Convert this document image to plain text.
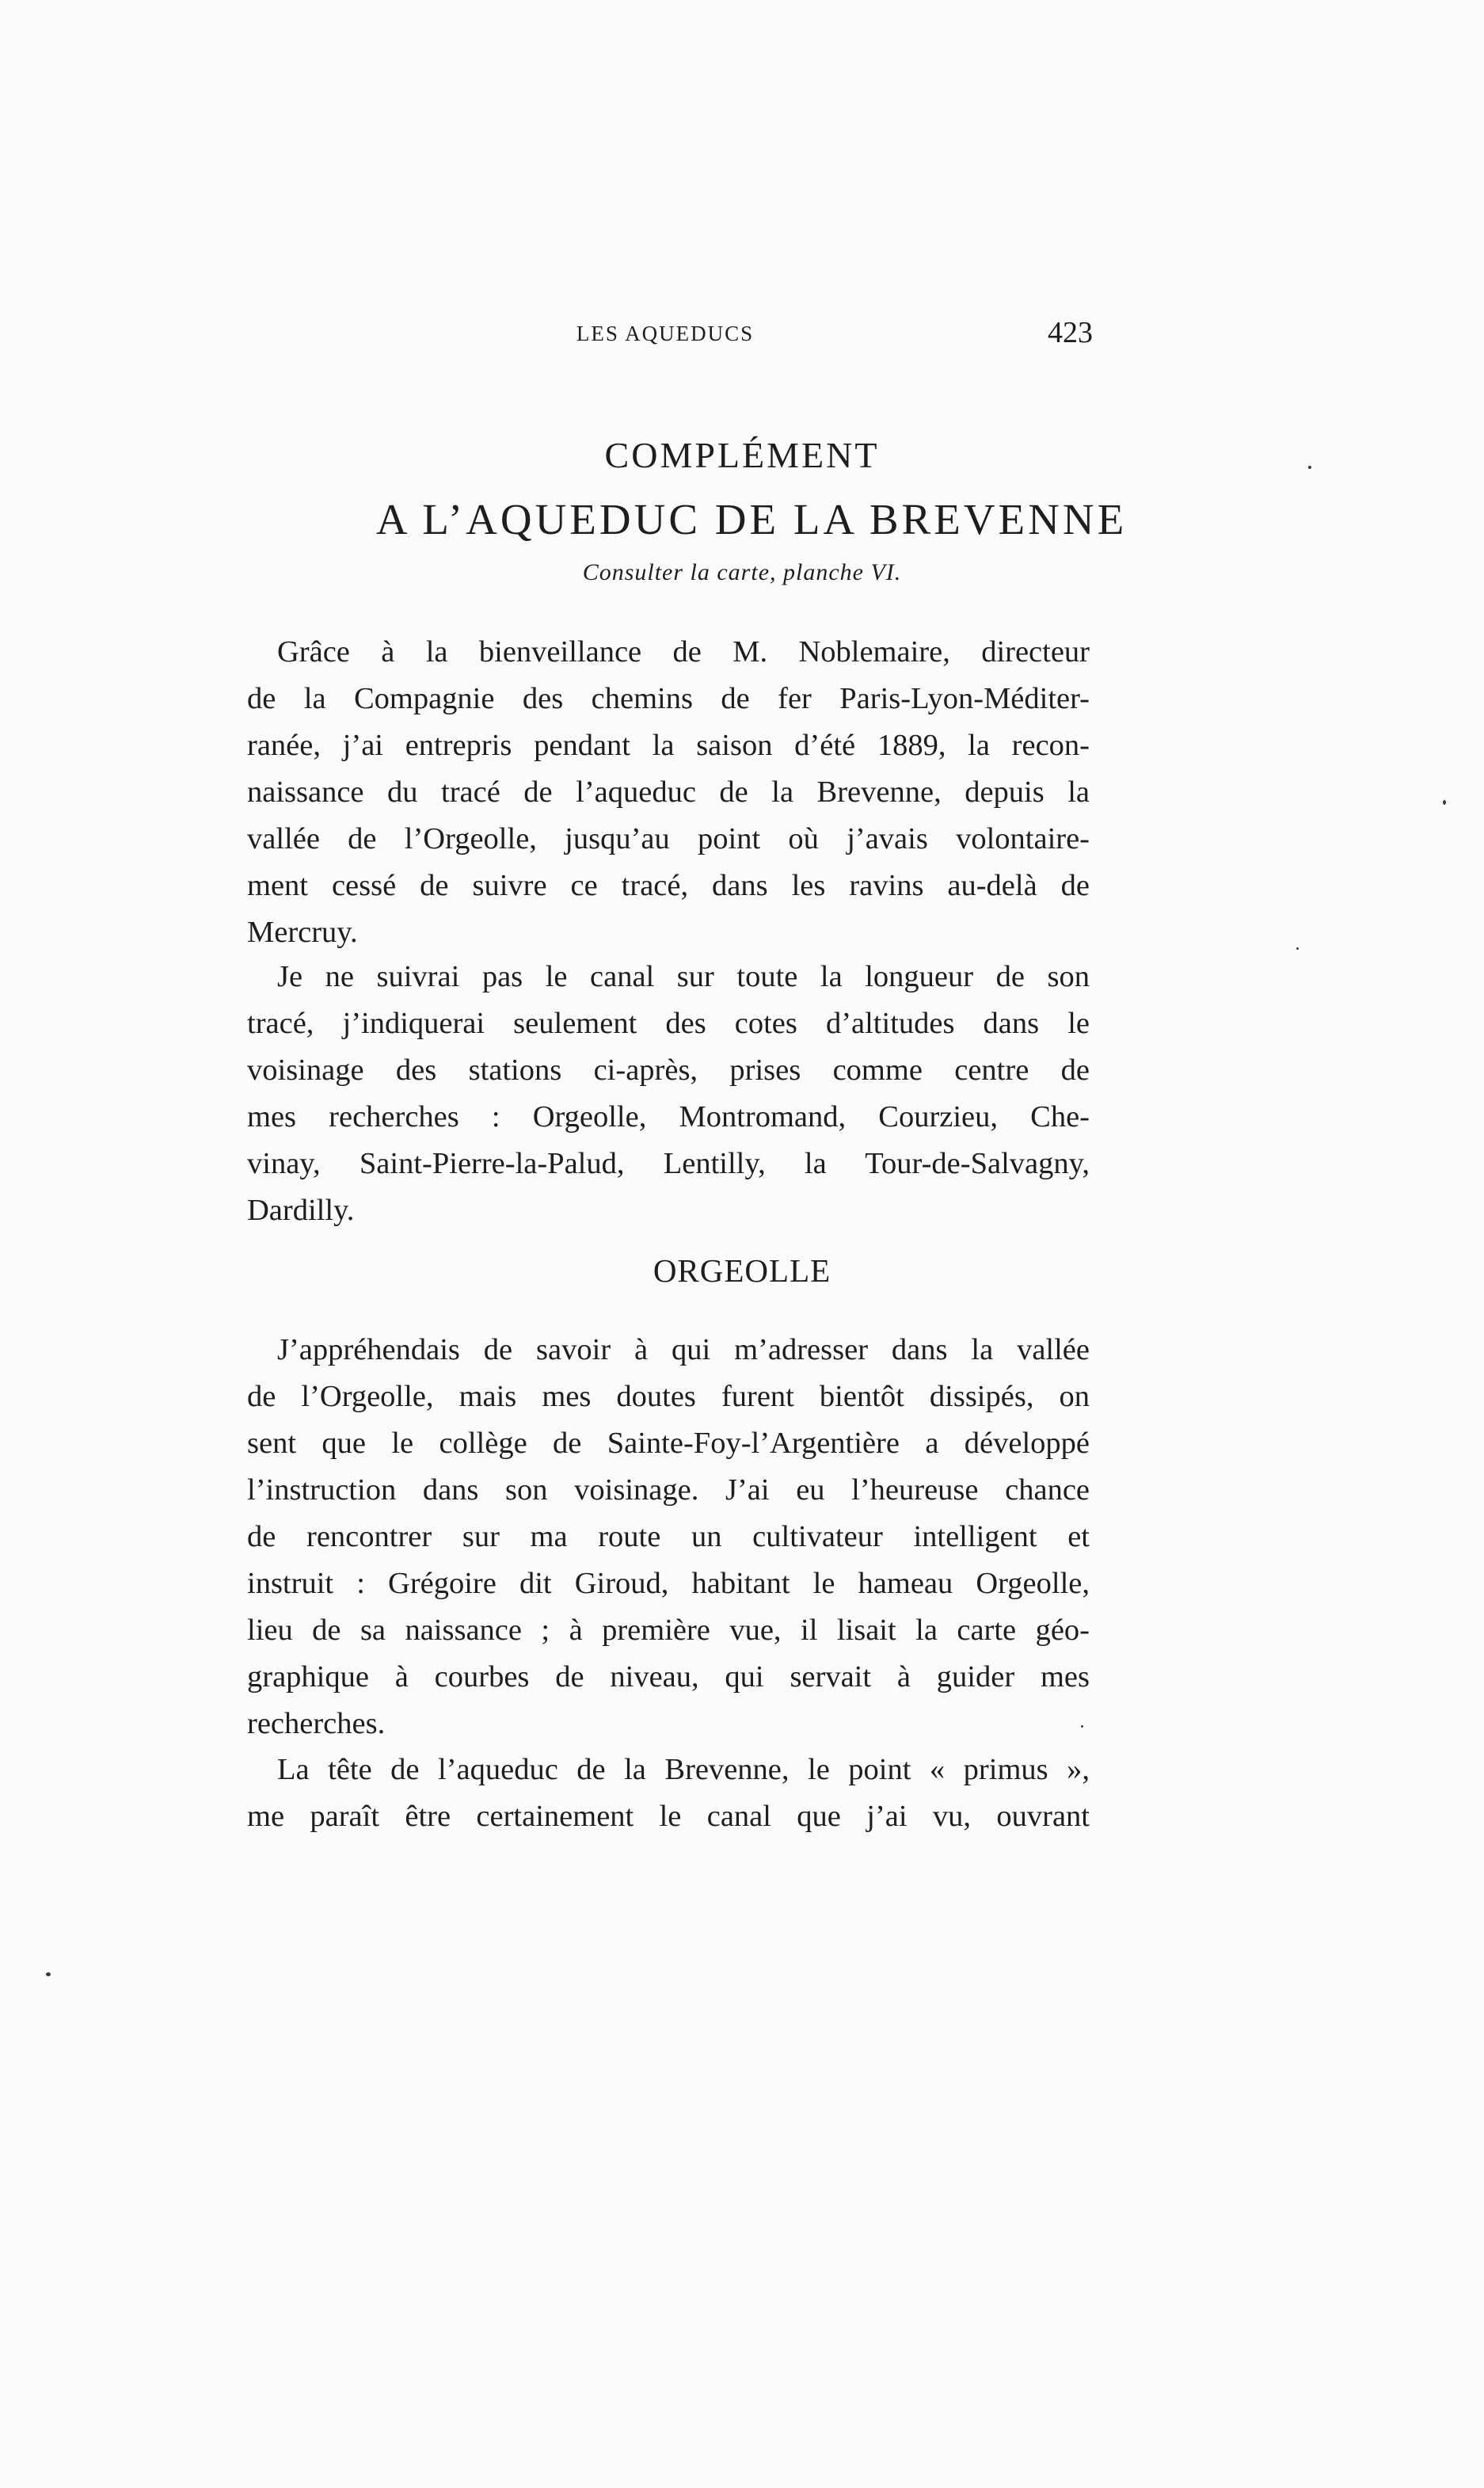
LES AQUEDUCS	423
COMPLÉMENT
A L’AQUEDUC DE LA BREVENNE
Consulter la carte, planche VI.

Grâce à la bienveillance de M. Noblemaire, directeur
de la Compagnie des chemins de fer Paris-Lyon-Méditer-
ranée, j’ai entrepris pendant la saison d’été 1889, la recon-
naissance du tracé de l’aqueduc de la Brevenne, depuis la
vallée de l’Orgeolle, jusqu’au point où j’avais volontaire-
ment cessé de suivre ce tracé, dans les ravins au-delà de
Mercruy.

Je ne suivrai pas le canal sur toute la longueur de son
tracé, j’indiquerai seulement des cotes d’altitudes dans le
voisinage des stations ci-après, prises comme centre de
mes recherches : Orgeolle, Montromand, Courzieu, Che-
vinay, Saint-Pierre-la-Palud, Lentilly, la Tour-de-Salvagny,
Dardilly.

ORGEOLLE

J’appréhendais de savoir à qui m’adresser dans la vallée
de l’Orgeolle, mais mes doutes furent bientôt dissipés, on
sent que le collège de Sainte-Foy-l’Argentière a développé
l’instruction dans son voisinage. J’ai eu l’heureuse chance
de rencontrer sur ma route un cultivateur intelligent et
instruit : Grégoire dit Giroud, habitant le hameau Orgeolle,
lieu de sa naissance ; à première vue, il lisait la carte géo-
graphique à courbes de niveau, qui servait à guider mes
recherches.

La tête de l’aqueduc de la Brevenne, le point « primus »,
me paraît être certainement le canal que j’ai vu, ouvrant
